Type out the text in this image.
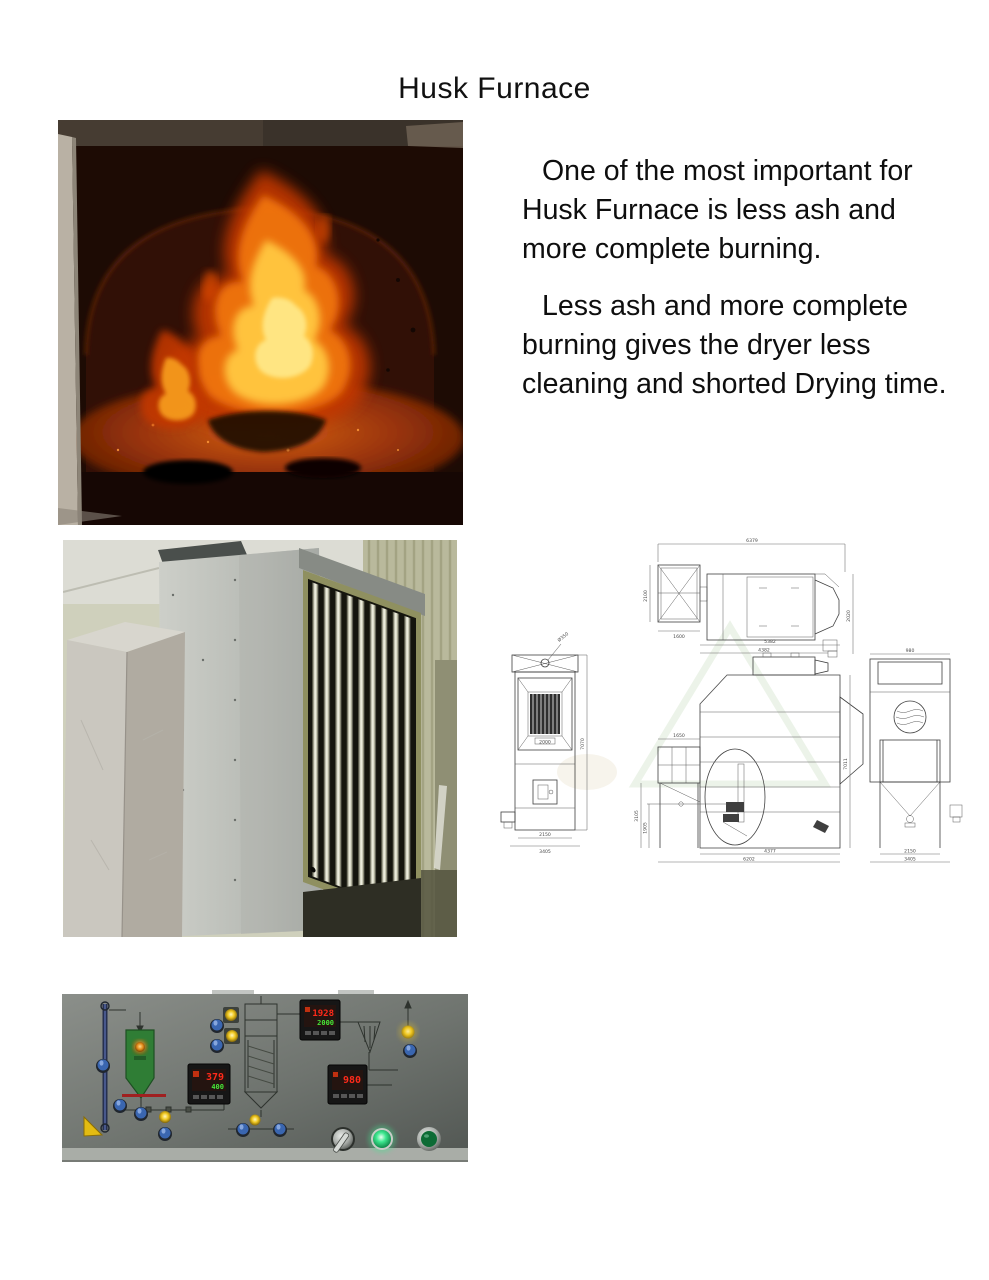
Husk Furnace

One of the most important for Husk Furnace is less ash and more complete burning.

Less ash and more complete burning gives the dryer less cleaning and shorted Drying time.

6379
2100
1600
2020
Ø350
2000	7070
2150
3405
5382
4382
1650
7011
3105
1905
4377
6202
980
2150
3405
1928
2000
379
400
980
